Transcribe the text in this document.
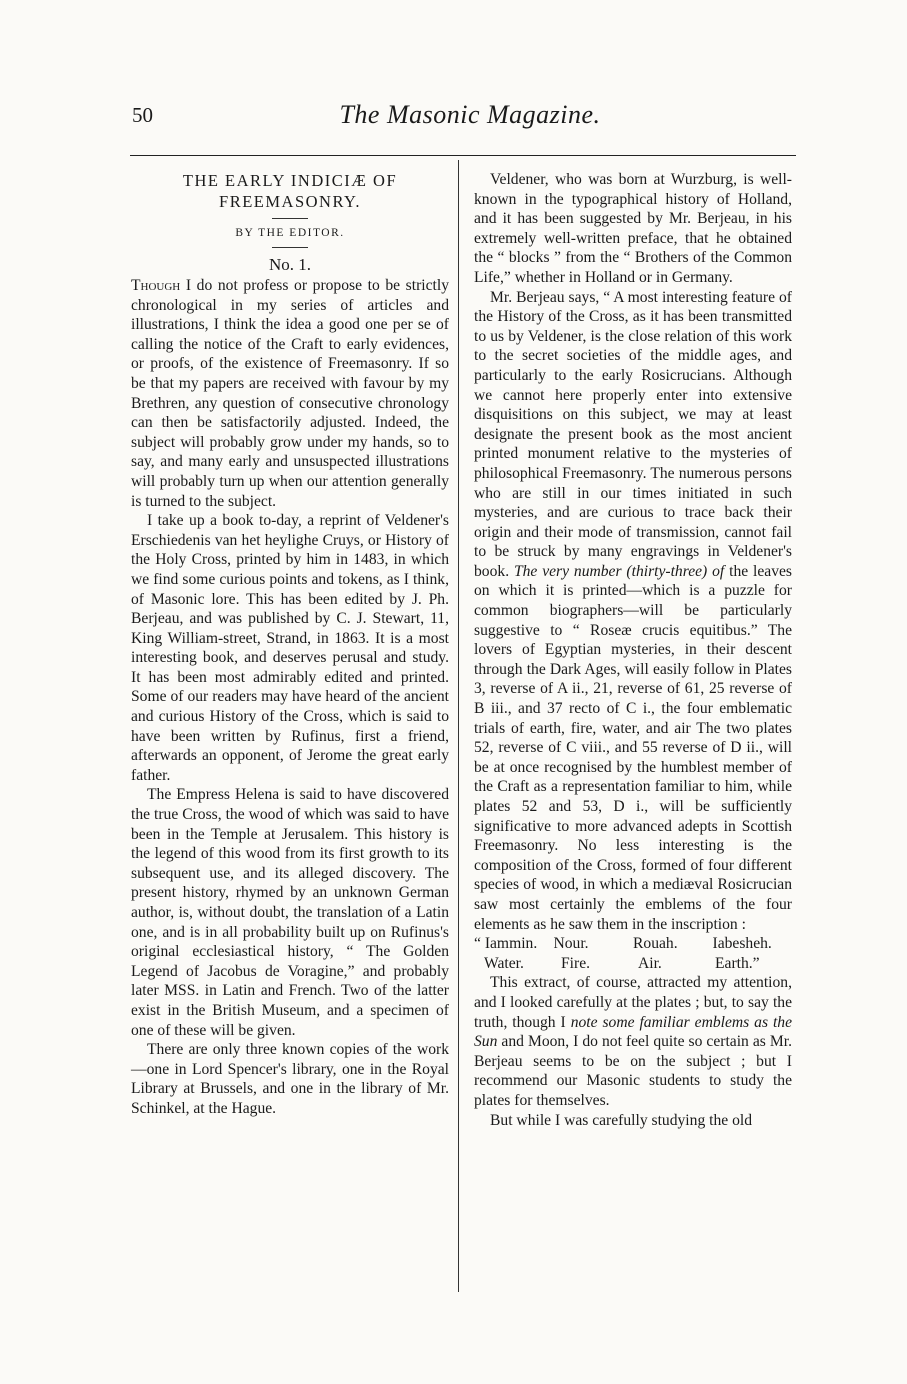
50	The Masonic Magazine.
THE EARLY INDICIÆ OF
FREEMASONRY.
BY THE EDITOR.
No. 1.

Though I do not profess or propose to be strictly chronological in my series of articles and illustrations, I think the idea a good one per se of calling the notice of the Craft to early evidences, or proofs, of the existence of Freemasonry. If so be that my papers are received with favour by my Brethren, any question of consecutive chronology can then be satisfactorily adjusted. Indeed, the subject will probably grow under my hands, so to say, and many early and unsuspected illustrations will probably turn up when our attention generally is turned to the subject.

I take up a book to-day, a reprint of Veldener's Erschiedenis van het heylighe Cruys, or History of the Holy Cross, printed by him in 1483, in which we find some curious points and tokens, as I think, of Masonic lore. This has been edited by J. Ph. Berjeau, and was published by C. J. Stewart, 11, King William-street, Strand, in 1863. It is a most interesting book, and deserves perusal and study. It has been most admirably edited and printed. Some of our readers may have heard of the ancient and curious History of the Cross, which is said to have been written by Rufinus, first a friend, afterwards an opponent, of Jerome the great early father.

The Empress Helena is said to have discovered the true Cross, the wood of which was said to have been in the Temple at Jerusalem. This history is the legend of this wood from its first growth to its subsequent use, and its alleged discovery. The present history, rhymed by an unknown German author, is, without doubt, the translation of a Latin one, and is in all probability built up on Rufinus's original ecclesiastical history, “ The Golden Legend of Jacobus de Voragine,” and probably later MSS. in Latin and French. Two of the latter exist in the British Museum, and a specimen of one of these will be given.

There are only three known copies of the work—one in Lord Spencer's library, one in the Royal Library at Brussels, and one in the library of Mr. Schinkel, at the Hague.

Veldener, who was born at Wurzburg, is well-known in the typographical history of Holland, and it has been suggested by Mr. Berjeau, in his extremely well-written preface, that he obtained the “ blocks ” from the “ Brothers of the Common Life,” whether in Holland or in Germany.

Mr. Berjeau says, “ A most interesting feature of the History of the Cross, as it has been transmitted to us by Veldener, is the close relation of this work to the secret societies of the middle ages, and particularly to the early Rosicrucians. Although we cannot here properly enter into extensive disquisitions on this subject, we may at least designate the present book as the most ancient printed monument relative to the mysteries of philosophical Freemasonry. The numerous persons who are still in our times initiated in such mysteries, and are curious to trace back their origin and their mode of transmission, cannot fail to be struck by many engravings in Veldener's book. The very number (thirty-three) of the leaves on which it is printed—which is a puzzle for common biographers—will be particularly suggestive to “ Roseæ crucis equitibus.” The lovers of Egyptian mysteries, in their descent through the Dark Ages, will easily follow in Plates 3, reverse of A ii., 21, reverse of 61, 25 reverse of B iii., and 37 recto of C i., the four emblematic trials of earth, fire, water, and air The two plates 52, reverse of C viii., and 55 reverse of D ii., will be at once recognised by the humblest member of the Craft as a representation familiar to him, while plates 52 and 53, D i., will be sufficiently significative to more advanced adepts in Scottish Freemasonry. No less interesting is the composition of the Cross, formed of four different species of wood, in which a mediæval Rosicrucian saw most certainly the emblems of the four elements as he saw them in the inscription :

“ Iammin.	Nour.	Rouah.	Iabesheh.
Water.	Fire.	Air.	Earth.”

This extract, of course, attracted my attention, and I looked carefully at the plates ; but, to say the truth, though I note some familiar emblems as the Sun and Moon, I do not feel quite so certain as Mr. Berjeau seems to be on the subject ; but I recommend our Masonic students to study the plates for themselves.

But while I was carefully studying the old
